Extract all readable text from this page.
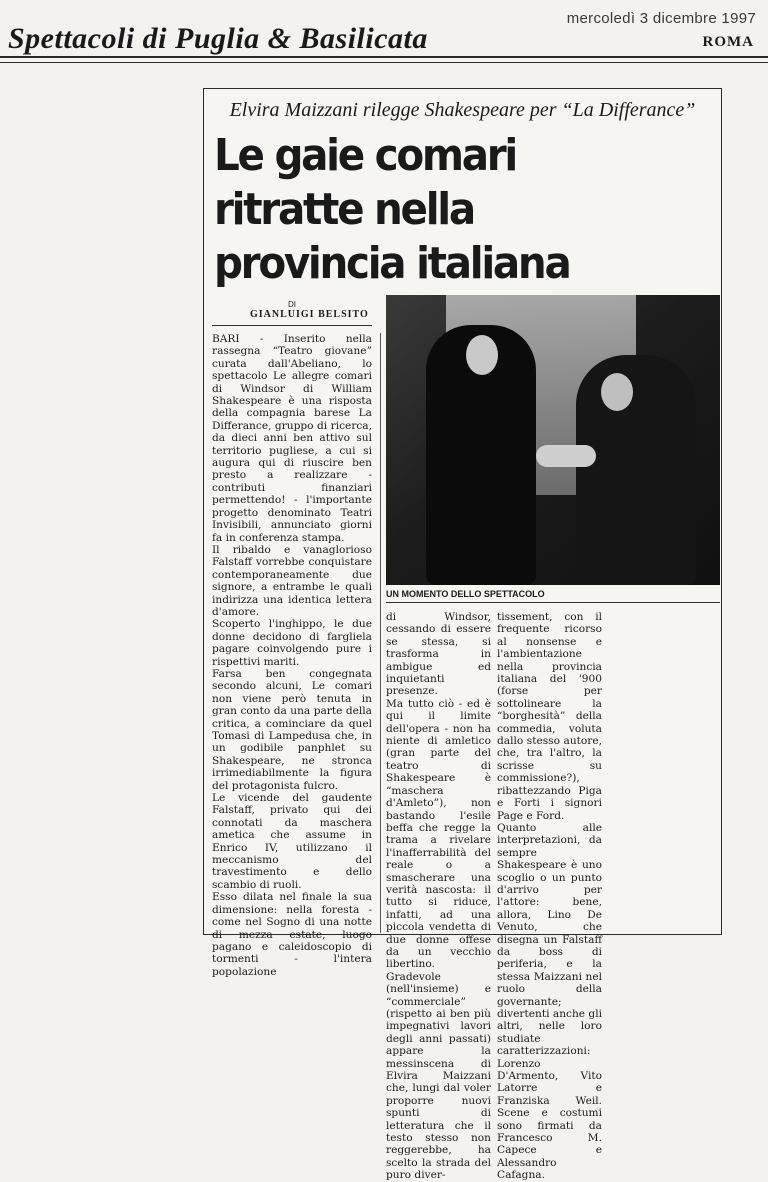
mercoledì 3 dicembre 1997
Spettacoli di Puglia & Basilicata	ROMA
Elvira Maizzani rilegge Shakespeare per “La Differance”
Le gaie comari ritratte nella provincia italiana
DI
GIANLUIGI BELSITO
UN MOMENTO DELLO SPETTACOLO

BARI - Inserito nella rassegna “Teatro giovane” curata dall'Abeliano, lo spettacolo Le allegre comari di Windsor di William Shakespeare è una risposta della compagnia barese La Differance, gruppo di ricerca, da dieci anni ben attivo sul territorio pugliese, a cui si augura qui di riuscire ben presto a realizzare - contributi finanziari permettendo! - l'importante progetto denominato Teatri Invisibili, annunciato giorni fa in conferenza stampa.

Il ribaldo e vanaglorioso Falstaff vorrebbe conquistare contemporaneamente due signore, a entrambe le quali indirizza una identica lettera d'amore.

Scoperto l'inghippo, le due donne decidono di fargliela pagare coinvolgendo pure i rispettivi mariti.

Farsa ben congegnata secondo alcuni, Le comari non viene però tenuta in gran conto da una parte della critica, a cominciare da quel Tomasi di Lampedusa che, in un godibile panphlet su Shakespeare, ne stronca irrimediabilmente la figura del protagonista fulcro.

Le vicende del gaudente Falstaff, privato qui dei connotati da maschera ametica che assume in Enrico IV, utilizzano il meccanismo del travestimento e dello scambio di ruoli.

Esso dilata nel finale la sua dimensione: nella foresta - come nel Sogno di una notte di mezza estate, luogo pagano e caleidoscopio di tormenti - l'intera popolazione

di Windsor, cessando di essere se stessa, si trasforma in ambigue ed inquietanti presenze.

Ma tutto ciò - ed è qui il limite dell'opera - non ha niente di amletico (gran parte del teatro di Shakespeare è “maschera d'Amleto”), non bastando l'esile beffa che regge la trama a rivelare l'inafferrabilità del reale o a smascherare una verità nascosta: il tutto si riduce, infatti, ad una piccola vendetta di due donne offese da un vecchio libertino.

Gradevole (nell'insieme) e “commerciale” (rispetto ai ben più impegnativi lavori degli anni passati) appare la messinscena di Elvira Maizzani che, lungi dal voler proporre nuovi spunti di letteratura che il testo stesso non reggerebbe, ha scelto la strada del puro diver-

tissement, con il frequente ricorso al nonsense e l'ambientazione nella provincia italiana del '900 (forse per sottolineare la “borghesità” della commedia, voluta dallo stesso autore, che, tra l'altro, la scrisse su commissione?), ribattezzando Piga e Forti i signori Page e Ford.

Quanto alle interpretazioni, da sempre Shakespeare è uno scoglio o un punto d'arrivo per l'attore: bene, allora, Lino De Venuto, che disegna un Falstaff da boss di periferia, e la stessa Maizzani nel ruolo della governante; divertenti anche gli altri, nelle loro studiate caratterizzazioni: Lorenzo D'Armento, Vito Latorre e Franziska Weil. Scene e costumi sono firmati da Francesco M. Capece e Alessandro Cafagna.
